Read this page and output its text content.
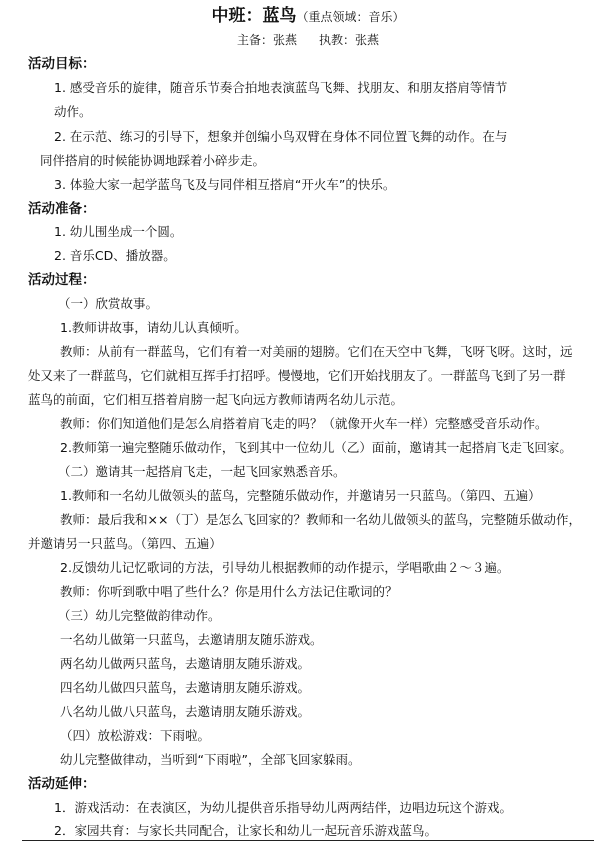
中班：蓝鸟（重点领域：音乐）
主备：张燕 执教：张燕
活动目标：
1. 感受音乐的旋律，随音乐节奏合拍地表演蓝鸟飞舞、找朋友、和朋友搭肩等情节
动作。
2. 在示范、练习的引导下，想象并创编小鸟双臂在身体不同位置飞舞的动作。在与
同伴搭肩的时候能协调地踩着小碎步走。
3. 体验大家一起学蓝鸟飞及与同伴相互搭肩“开火车”的快乐。
活动准备：
1. 幼儿围坐成一个圆。
2. 音乐CD、播放器。
活动过程：
（一）欣赏故事。
1.教师讲故事，请幼儿认真倾听。
教师：从前有一群蓝鸟，它们有着一对美丽的翅膀。它们在天空中飞舞，飞呀飞呀。这时，远
处又来了一群蓝鸟，它们就相互挥手打招呼。慢慢地，它们开始找朋友了。一群蓝鸟飞到了另一群
蓝鸟的前面，它们相互搭着肩膀一起飞向远方教师请两名幼儿示范。
教师：你们知道他们是怎么肩搭着肩飞走的吗？（就像开火车一样）完整感受音乐动作。
2.教师第一遍完整随乐做动作，飞到其中一位幼儿（乙）面前，邀请其一起搭肩飞走飞回家。
（二）邀请其一起搭肩飞走，一起飞回家熟悉音乐。
1.教师和一名幼儿做领头的蓝鸟，完整随乐做动作，并邀请另一只蓝鸟。（第四、五遍）
教师：最后我和××（丁）是怎么飞回家的？教师和一名幼儿做领头的蓝鸟，完整随乐做动作，
并邀请另一只蓝鸟。（第四、五遍）
2.反馈幼儿记忆歌词的方法，引导幼儿根据教师的动作提示，学唱歌曲２～３遍。
教师：你听到歌中唱了些什么？你是用什么方法记住歌词的？
（三）幼儿完整做韵律动作。
一名幼儿做第一只蓝鸟，去邀请朋友随乐游戏。
两名幼儿做两只蓝鸟，去邀请朋友随乐游戏。
四名幼儿做四只蓝鸟，去邀请朋友随乐游戏。
八名幼儿做八只蓝鸟，去邀请朋友随乐游戏。
（四）放松游戏：下雨啦。
幼儿完整做律动，当听到“下雨啦”，全部飞回家躲雨。
活动延伸：
1．游戏活动：在表演区，为幼儿提供音乐指导幼儿两两结伴，边唱边玩这个游戏。
2．家园共育：与家长共同配合，让家长和幼儿一起玩音乐游戏蓝鸟。
